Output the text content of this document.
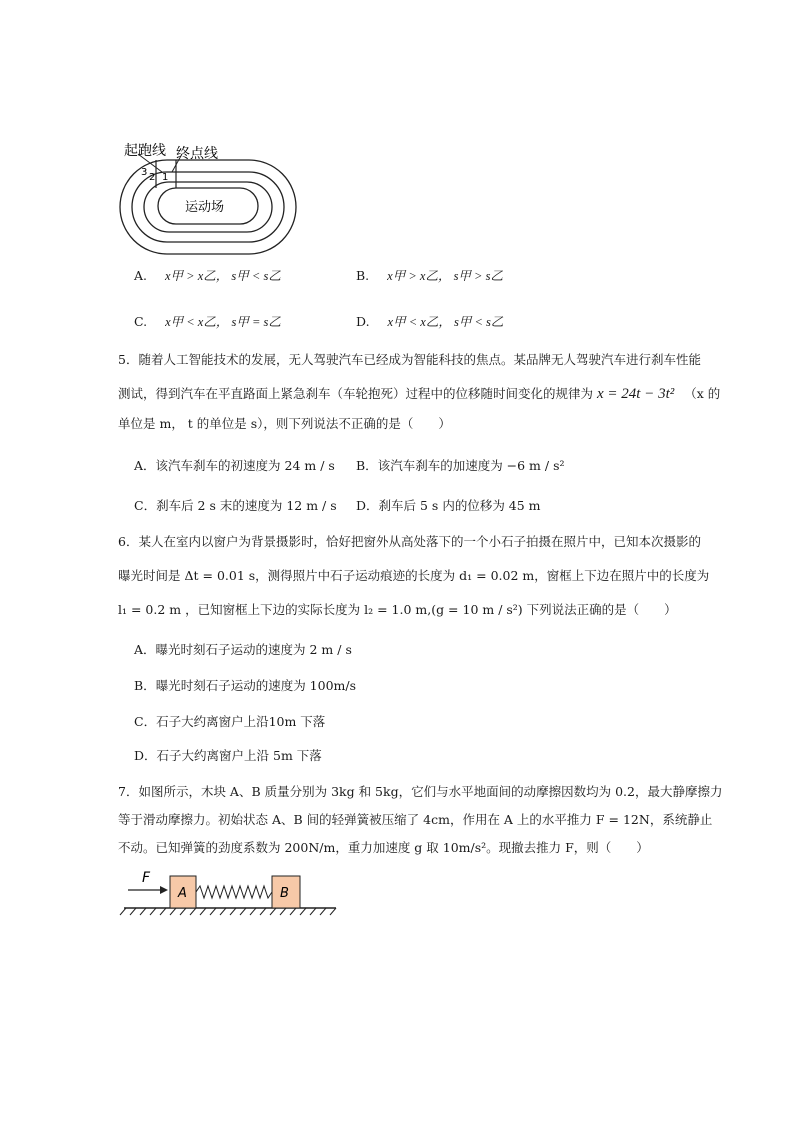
起跑线 终点线
3 2 1
运动场
A. x甲 > x乙， s甲 < s乙	B. x甲 > x乙， s甲 > s乙
C. x甲 < x乙， s甲 = s乙	D. x甲 < x乙， s甲 < s乙
5．随着人工智能技术的发展，无人驾驶汽车已经成为智能科技的焦点。某品牌无人驾驶汽车进行刹车性能
测试，得到汽车在平直路面上紧急刹车（车轮抱死）过程中的位移随时间变化的规律为 x = 24t − 3t² （x 的
单位是 m， t 的单位是 s），则下列说法不正确的是（　　）
A．该汽车刹车的初速度为 24 m / s B．该汽车刹车的加速度为 −6 m / s²
C．刹车后 2 s 末的速度为 12 m / s D．刹车后 5 s 内的位移为 45 m
6．某人在室内以窗户为背景摄影时，恰好把窗外从高处落下的一个小石子拍摄在照片中，已知本次摄影的
曝光时间是 Δt = 0.01 s，测得照片中石子运动痕迹的长度为 d₁ = 0.02 m，窗框上下边在照片中的长度为
l₁ = 0.2 m ，已知窗框上下边的实际长度为 l₂ = 1.0 m,(g = 10 m / s²) 下列说法正确的是（　　）
A．曝光时刻石子运动的速度为 2 m / s
B．曝光时刻石子运动的速度为 100m/s
C．石子大约离窗户上沿10m 下落
D．石子大约离窗户上沿 5m 下落
7．如图所示，木块 A、B 质量分别为 3kg 和 5kg，它们与水平地面间的动摩擦因数均为 0.2，最大静摩擦力
等于滑动摩擦力。初始状态 A、B 间的轻弹簧被压缩了 4cm，作用在 A 上的水平推力 F = 12N，系统静止
不动。已知弹簧的劲度系数为 200N/m，重力加速度 g 取 10m/s²。现撤去推力 F，则（　　）
F
A	B
